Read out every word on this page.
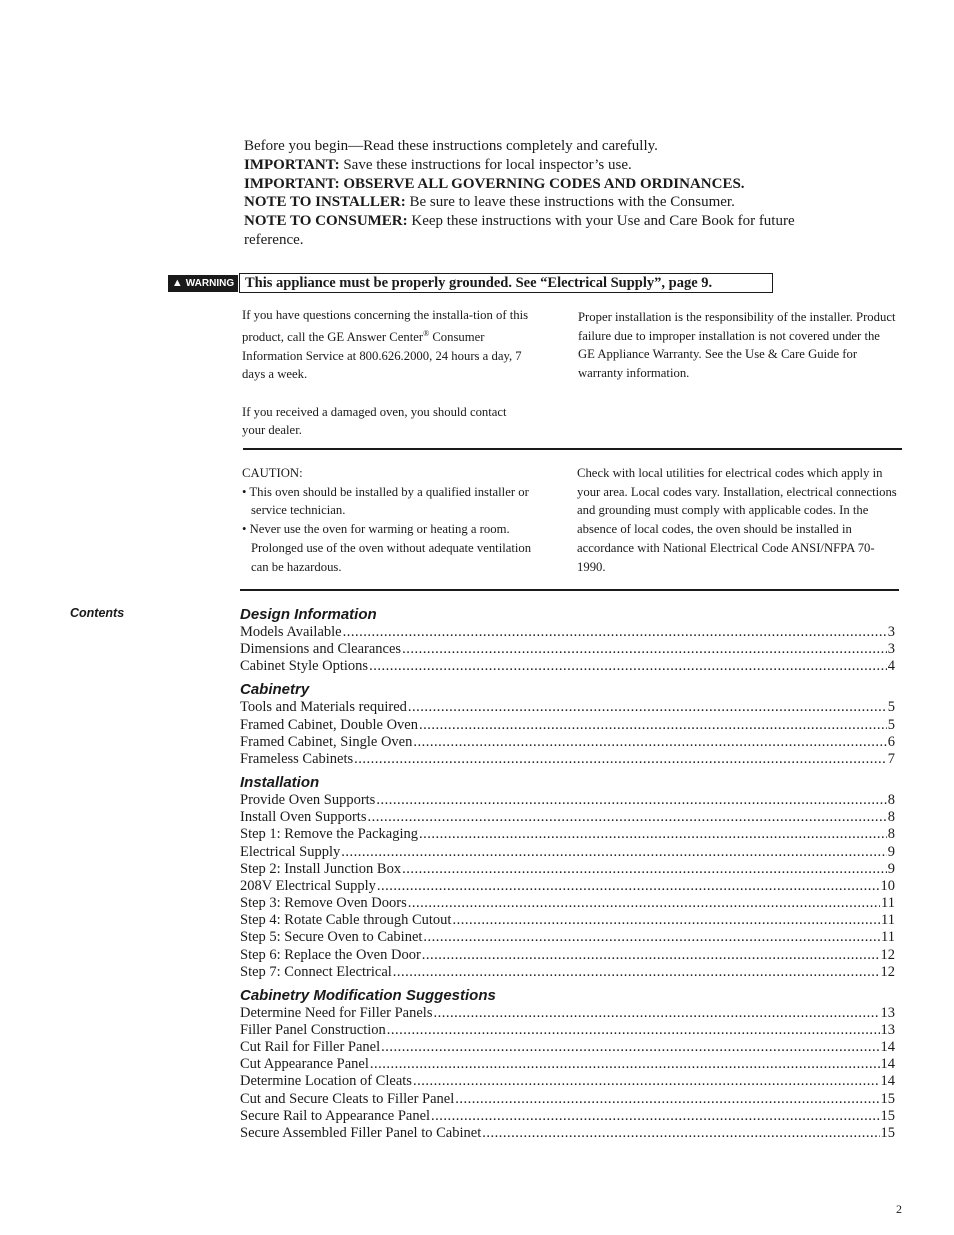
Before you begin—Read these instructions completely and carefully.

IMPORTANT: Save these instructions for local inspector’s use.

IMPORTANT: OBSERVE ALL GOVERNING CODES AND ORDINANCES.

NOTE TO INSTALLER: Be sure to leave these instructions with the Consumer.

NOTE TO CONSUMER: Keep these instructions with your Use and Care Book for future reference.

▲ WARNING This appliance must be properly grounded. See “Electrical Supply”, page 9.

If you have questions concerning the installa-tion of this product, call the GE Answer Center® Consumer Information Service at 800.626.2000, 24 hours a day, 7 days a week.

If you received a damaged oven, you should contact your dealer.

Proper installation is the responsibility of the installer. Product failure due to improper installation is not covered under the GE Appliance Warranty. See the Use & Care Guide for warranty information.

CAUTION:

• This oven should be installed by a qualified installer or service technician.

• Never use the oven for warming or heating a room. Prolonged use of the oven without adequate ventilation can be hazardous.

Check with local utilities for electrical codes which apply in your area. Local codes vary. Installation, electrical connections and grounding must comply with applicable codes. In the absence of local codes, the oven should be installed in accordance with National Electrical Code ANSI/NFPA 70-1990.

Contents	Design Information
Models Available .....	3
Dimensions and Clearances .....	3
Cabinet Style Options .....	4
Cabinetry
Tools and Materials required .....	5
Framed Cabinet, Double Oven .....	5
Framed Cabinet, Single Oven .....	6
Frameless Cabinets .....	7
Installation
Provide Oven Supports .....	8
Install Oven Supports .....	8
Step 1: Remove the Packaging .....	8
Electrical Supply .....	9
Step 2: Install Junction Box .....	9
208V Electrical Supply .....	10
Step 3: Remove Oven Doors .....	11
Step 4: Rotate Cable through Cutout .....	11
Step 5: Secure Oven to Cabinet .....	11
Step 6: Replace the Oven Door .....	12
Step 7: Connect Electrical .....	12
Cabinetry Modification Suggestions
Determine Need for Filler Panels .....	13
Filler Panel Construction .....	13
Cut Rail for Filler Panel .....	14
Cut Appearance Panel .....	14
Determine Location of Cleats .....	14
Cut and Secure Cleats to Filler Panel .....	15
Secure Rail to Appearance Panel .....	15
Secure Assembled Filler Panel to Cabinet .....	15
2
